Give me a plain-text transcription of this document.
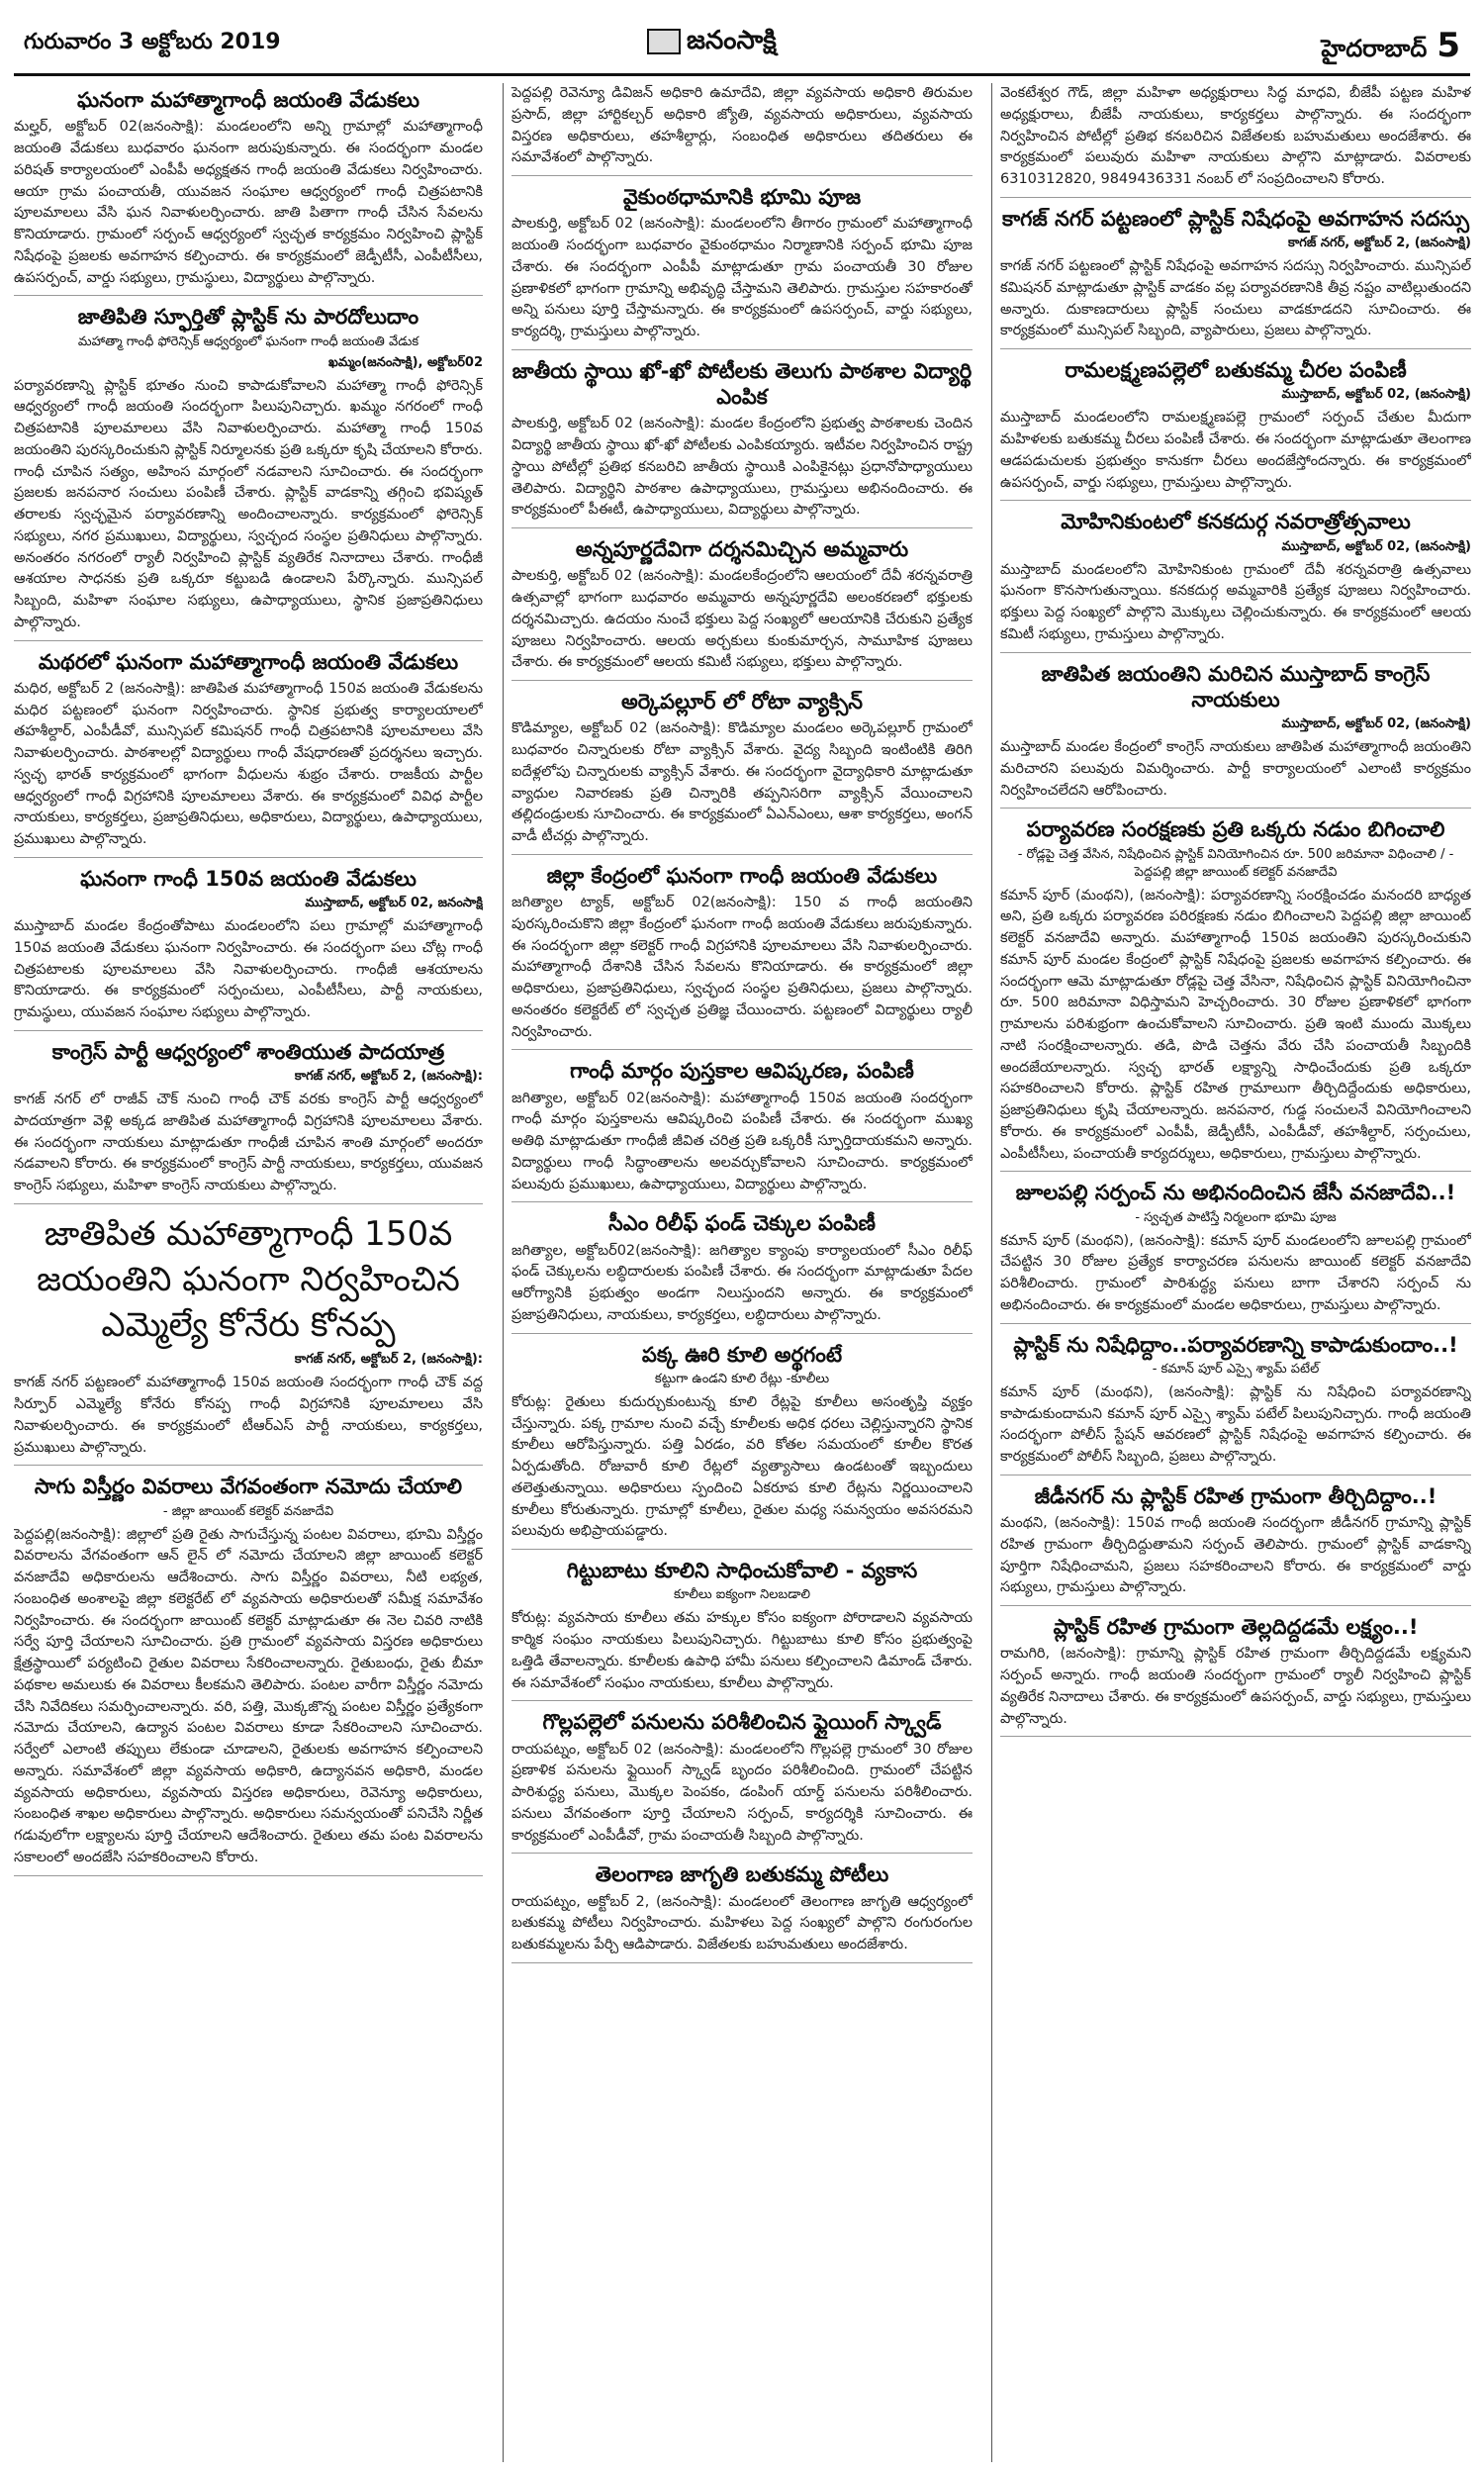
గురువారం 3 అక్టోబరు 2019	జనంసాక్షి	హైదరాబాద్ 5
ఘనంగా మహాత్మాగాంధీ జయంతి వేడుకలు

మల్హర్, అక్టోబర్ 02(జనంసాక్షి): మండలంలోని అన్ని గ్రామాల్లో మహాత్మాగాంధీ జయంతి వేడుకలు బుధవారం ఘనంగా జరుపుకున్నారు. ఈ సందర్భంగా మండల పరిషత్ కార్యాలయంలో ఎంపీపీ అధ్యక్షతన గాంధీ జయంతి వేడుకలు నిర్వహించారు. ఆయా గ్రామ పంచాయతీ, యువజన సంఘాల ఆధ్వర్యంలో గాంధీ చిత్రపటానికి పూలమాలలు వేసి ఘన నివాళులర్పించారు. జాతి పితాగా గాంధీ చేసిన సేవలను కొనియాడారు. గ్రామంలో సర్పంచ్ ఆధ్వర్యంలో స్వచ్ఛత కార్యక్రమం నిర్వహించి ప్లాస్టిక్ నిషేధంపై ప్రజలకు అవగాహన కల్పించారు. ఈ కార్యక్రమంలో జెడ్పీటీసీ, ఎంపీటీసీలు, ఉపసర్పంచ్, వార్డు సభ్యులు, గ్రామస్థులు, విద్యార్థులు పాల్గొన్నారు.

జాతిపితి స్ఫూర్తితో ప్లాస్టిక్ ను పారదోలుదాం
మహాత్మా గాంధీ ఫోరెన్సిక్ ఆధ్వర్యంలో ఘనంగా గాంధీ జయంతి వేడుక
ఖమ్మం(జనంసాక్షి), అక్టోబర్02

పర్యావరణాన్ని ప్లాస్టిక్ భూతం నుంచి కాపాడుకోవాలని మహాత్మా గాంధీ ఫోరెన్సిక్ ఆధ్వర్యంలో గాంధీ జయంతి సందర్భంగా పిలుపునిచ్చారు. ఖమ్మం నగరంలో గాంధీ చిత్రపటానికి పూలమాలలు వేసి నివాళులర్పించారు. మహాత్మా గాంధీ 150వ జయంతిని పురస్కరించుకుని ప్లాస్టిక్ నిర్మూలనకు ప్రతి ఒక్కరూ కృషి చేయాలని కోరారు. గాంధీ చూపిన సత్యం, అహింస మార్గంలో నడవాలని సూచించారు. ఈ సందర్భంగా ప్రజలకు జనపనార సంచులు పంపిణీ చేశారు. ప్లాస్టిక్ వాడకాన్ని తగ్గించి భవిష్యత్ తరాలకు స్వచ్ఛమైన పర్యావరణాన్ని అందించాలన్నారు. కార్యక్రమంలో ఫోరెన్సిక్ సభ్యులు, నగర ప్రముఖులు, విద్యార్థులు, స్వచ్ఛంద సంస్థల ప్రతినిధులు పాల్గొన్నారు. అనంతరం నగరంలో ర్యాలీ నిర్వహించి ప్లాస్టిక్ వ్యతిరేక నినాదాలు చేశారు. గాంధీజీ ఆశయాల సాధనకు ప్రతి ఒక్కరూ కట్టుబడి ఉండాలని పేర్కొన్నారు. మున్సిపల్ సిబ్బంది, మహిళా సంఘాల సభ్యులు, ఉపాధ్యాయులు, స్థానిక ప్రజాప్రతినిధులు పాల్గొన్నారు.

మథరలో ఘనంగా మహాత్మాగాంధీ జయంతి వేడుకలు

మధిర, అక్టోబర్ 2 (జనంసాక్షి): జాతిపిత మహాత్మాగాంధీ 150వ జయంతి వేడుకలను మధిర పట్టణంలో ఘనంగా నిర్వహించారు. స్థానిక ప్రభుత్వ కార్యాలయాలలో తహశీల్దార్, ఎంపీడీవో, మున్సిపల్ కమిషనర్ గాంధీ చిత్రపటానికి పూలమాలలు వేసి నివాళులర్పించారు. పాఠశాలల్లో విద్యార్థులు గాంధీ వేషధారణతో ప్రదర్శనలు ఇచ్చారు. స్వచ్ఛ భారత్ కార్యక్రమంలో భాగంగా వీధులను శుభ్రం చేశారు. రాజకీయ పార్టీల ఆధ్వర్యంలో గాంధీ విగ్రహానికి పూలమాలలు వేశారు. ఈ కార్యక్రమంలో వివిధ పార్టీల నాయకులు, కార్యకర్తలు, ప్రజాప్రతినిధులు, అధికారులు, విద్యార్థులు, ఉపాధ్యాయులు, ప్రముఖులు పాల్గొన్నారు.

ఘనంగా గాంధీ 150వ జయంతి వేడుకలు
ముస్తాబాద్, అక్టోబర్ 02, జనంసాక్షి

ముస్తాబాద్ మండల కేంద్రంతోపాటు మండలంలోని పలు గ్రామాల్లో మహాత్మాగాంధీ 150వ జయంతి వేడుకలు ఘనంగా నిర్వహించారు. ఈ సందర్భంగా పలు చోట్ల గాంధీ చిత్రపటాలకు పూలమాలలు వేసి నివాళులర్పించారు. గాంధీజీ ఆశయాలను కొనియాడారు. ఈ కార్యక్రమంలో సర్పంచులు, ఎంపీటీసీలు, పార్టీ నాయకులు, గ్రామస్థులు, యువజన సంఘాల సభ్యులు పాల్గొన్నారు.

కాంగ్రెస్ పార్టీ ఆధ్వర్యంలో శాంతియుత పాదయాత్ర
కాగజ్ నగర్, అక్టోబర్ 2, (జనంసాక్షి):

కాగజ్ నగర్ లో రాజీవ్ చౌక్ నుంచి గాంధీ చౌక్ వరకు కాంగ్రెస్ పార్టీ ఆధ్వర్యంలో పాదయాత్రగా వెళ్లి అక్కడ జాతిపిత మహాత్మాగాంధీ విగ్రహానికి పూలమాలలు వేశారు. ఈ సందర్భంగా నాయకులు మాట్లాడుతూ గాంధీజీ చూపిన శాంతి మార్గంలో అందరూ నడవాలని కోరారు. ఈ కార్యక్రమంలో కాంగ్రెస్ పార్టీ నాయకులు, కార్యకర్తలు, యువజన కాంగ్రెస్ సభ్యులు, మహిళా కాంగ్రెస్ నాయకులు పాల్గొన్నారు.

జాతిపిత మహాత్మాగాంధీ 150వ జయంతిని ఘనంగా నిర్వహించిన ఎమ్మెల్యే కోనేరు కోనప్ప
కాగజ్ నగర్, అక్టోబర్ 2, (జనంసాక్షి):

కాగజ్ నగర్ పట్టణంలో మహాత్మాగాంధీ 150వ జయంతి సందర్భంగా గాంధీ చౌక్ వద్ద సిర్పూర్ ఎమ్మెల్యే కోనేరు కోనప్ప గాంధీ విగ్రహానికి పూలమాలలు వేసి నివాళులర్పించారు. ఈ కార్యక్రమంలో టీఆర్ఎస్ పార్టీ నాయకులు, కార్యకర్తలు, ప్రముఖులు పాల్గొన్నారు.

సాగు విస్తీర్ణం వివరాలు వేగవంతంగా నమోదు చేయాలి
- జిల్లా జాయింట్ కలెక్టర్ వనజాదేవి

పెద్దపల్లి(జనంసాక్షి): జిల్లాలో ప్రతి రైతు సాగుచేస్తున్న పంటల వివరాలు, భూమి విస్తీర్ణం వివరాలను వేగవంతంగా ఆన్ లైన్ లో నమోదు చేయాలని జిల్లా జాయింట్ కలెక్టర్ వనజాదేవి అధికారులను ఆదేశించారు. సాగు విస్తీర్ణం వివరాలు, నీటి లభ్యత, సంబంధిత అంశాలపై జిల్లా కలెక్టరేట్ లో వ్యవసాయ అధికారులతో సమీక్ష సమావేశం నిర్వహించారు. ఈ సందర్భంగా జాయింట్ కలెక్టర్ మాట్లాడుతూ ఈ నెల చివరి నాటికి సర్వే పూర్తి చేయాలని సూచించారు. ప్రతి గ్రామంలో వ్యవసాయ విస్తరణ అధికారులు క్షేత్రస్థాయిలో పర్యటించి రైతుల వివరాలు సేకరించాలన్నారు. రైతుబంధు, రైతు బీమా పథకాల అమలుకు ఈ వివరాలు కీలకమని తెలిపారు. పంటల వారీగా విస్తీర్ణం నమోదు చేసి నివేదికలు సమర్పించాలన్నారు. వరి, పత్తి, మొక్కజొన్న పంటల విస్తీర్ణం ప్రత్యేకంగా నమోదు చేయాలని, ఉద్యాన పంటల వివరాలు కూడా సేకరించాలని సూచించారు. సర్వేలో ఎలాంటి తప్పులు లేకుండా చూడాలని, రైతులకు అవగాహన కల్పించాలని అన్నారు. సమావేశంలో జిల్లా వ్యవసాయ అధికారి, ఉద్యానవన అధికారి, మండల వ్యవసాయ అధికారులు, వ్యవసాయ విస్తరణ అధికారులు, రెవెన్యూ అధికారులు, సంబంధిత శాఖల అధికారులు పాల్గొన్నారు. అధికారులు సమన్వయంతో పనిచేసి నిర్ణీత గడువులోగా లక్ష్యాలను పూర్తి చేయాలని ఆదేశించారు. రైతులు తమ పంట వివరాలను సకాలంలో అందజేసి సహకరించాలని కోరారు.

పెద్దపల్లి రెవెన్యూ డివిజన్ అధికారి ఉమాదేవి, జిల్లా వ్యవసాయ అధికారి తిరుమల ప్రసాద్, జిల్లా హార్టికల్చర్ అధికారి జ్యోతి, వ్యవసాయ అధికారులు, వ్యవసాయ విస్తరణ అధికారులు, తహశీల్దార్లు, సంబంధిత అధికారులు తదితరులు ఈ సమావేశంలో పాల్గొన్నారు.

వైకుంఠధామానికి భూమి పూజ

పాలకుర్తి, అక్టోబర్ 02 (జనంసాక్షి): మండలంలోని తీగారం గ్రామంలో మహాత్మాగాంధీ జయంతి సందర్భంగా బుధవారం వైకుంఠధామం నిర్మాణానికి సర్పంచ్ భూమి పూజ చేశారు. ఈ సందర్భంగా ఎంపీపీ మాట్లాడుతూ గ్రామ పంచాయతీ 30 రోజుల ప్రణాళికలో భాగంగా గ్రామాన్ని అభివృద్ధి చేస్తామని తెలిపారు. గ్రామస్తుల సహకారంతో అన్ని పనులు పూర్తి చేస్తామన్నారు. ఈ కార్యక్రమంలో ఉపసర్పంచ్, వార్డు సభ్యులు, కార్యదర్శి, గ్రామస్తులు పాల్గొన్నారు.

జాతీయ స్థాయి ఖో-ఖో పోటీలకు తెలుగు పాఠశాల విద్యార్థి ఎంపిక

పాలకుర్తి, అక్టోబర్ 02 (జనంసాక్షి): మండల కేంద్రంలోని ప్రభుత్వ పాఠశాలకు చెందిన విద్యార్థి జాతీయ స్థాయి ఖో-ఖో పోటీలకు ఎంపికయ్యారు. ఇటీవల నిర్వహించిన రాష్ట్ర స్థాయి పోటీల్లో ప్రతిభ కనబరిచి జాతీయ స్థాయికి ఎంపికైనట్లు ప్రధానోపాధ్యాయులు తెలిపారు. విద్యార్థిని పాఠశాల ఉపాధ్యాయులు, గ్రామస్తులు అభినందించారు. ఈ కార్యక్రమంలో పీఈటీ, ఉపాధ్యాయులు, విద్యార్థులు పాల్గొన్నారు.

అన్నపూర్ణదేవిగా దర్శనమిచ్చిన అమ్మవారు

పాలకుర్తి, అక్టోబర్ 02 (జనంసాక్షి): మండలకేంద్రంలోని ఆలయంలో దేవీ శరన్నవరాత్రి ఉత్సవాల్లో భాగంగా బుధవారం అమ్మవారు అన్నపూర్ణదేవి అలంకరణలో భక్తులకు దర్శనమిచ్చారు. ఉదయం నుంచే భక్తులు పెద్ద సంఖ్యలో ఆలయానికి చేరుకుని ప్రత్యేక పూజలు నిర్వహించారు. ఆలయ అర్చకులు కుంకుమార్చన, సామూహిక పూజలు చేశారు. ఈ కార్యక్రమంలో ఆలయ కమిటీ సభ్యులు, భక్తులు పాల్గొన్నారు.

అర్కెపల్లూర్ లో రోటా వ్యాక్సిన్

కొడిమ్యాల, అక్టోబర్ 02 (జనంసాక్షి): కొడిమ్యాల మండలం అర్కెపల్లూర్ గ్రామంలో బుధవారం చిన్నారులకు రోటా వ్యాక్సిన్ వేశారు. వైద్య సిబ్బంది ఇంటింటికి తిరిగి ఐదేళ్లలోపు చిన్నారులకు వ్యాక్సిన్ వేశారు. ఈ సందర్భంగా వైద్యాధికారి మాట్లాడుతూ వ్యాధుల నివారణకు ప్రతి చిన్నారికి తప్పనిసరిగా వ్యాక్సిన్ వేయించాలని తల్లిదండ్రులకు సూచించారు. ఈ కార్యక్రమంలో ఏఎన్ఎంలు, ఆశా కార్యకర్తలు, అంగన్ వాడీ టీచర్లు పాల్గొన్నారు.

జిల్లా కేంద్రంలో ఘనంగా గాంధీ జయంతి వేడుకలు

జగిత్యాల ట్యాక్, అక్టోబర్ 02(జనంసాక్షి): 150 వ గాంధీ జయంతిని పురస్కరించుకొని జిల్లా కేంద్రంలో ఘనంగా గాంధీ జయంతి వేడుకలు జరుపుకున్నారు. ఈ సందర్భంగా జిల్లా కలెక్టర్ గాంధీ విగ్రహానికి పూలమాలలు వేసి నివాళులర్పించారు. మహాత్మాగాంధీ దేశానికి చేసిన సేవలను కొనియాడారు. ఈ కార్యక్రమంలో జిల్లా అధికారులు, ప్రజాప్రతినిధులు, స్వచ్ఛంద సంస్థల ప్రతినిధులు, ప్రజలు పాల్గొన్నారు. అనంతరం కలెక్టరేట్ లో స్వచ్ఛత ప్రతిజ్ఞ చేయించారు. పట్టణంలో విద్యార్థులు ర్యాలీ నిర్వహించారు.

గాంధీ మార్గం పుస్తకాల ఆవిష్కరణ, పంపిణీ

జగిత్యాల, అక్టోబర్ 02(జనంసాక్షి): మహాత్మాగాంధీ 150వ జయంతి సందర్భంగా గాంధీ మార్గం పుస్తకాలను ఆవిష్కరించి పంపిణీ చేశారు. ఈ సందర్భంగా ముఖ్య అతిథి మాట్లాడుతూ గాంధీజీ జీవిత చరిత్ర ప్రతి ఒక్కరికీ స్ఫూర్తిదాయకమని అన్నారు. విద్యార్థులు గాంధీ సిద్ధాంతాలను అలవర్చుకోవాలని సూచించారు. కార్యక్రమంలో పలువురు ప్రముఖులు, ఉపాధ్యాయులు, విద్యార్థులు పాల్గొన్నారు.

సీఎం రిలీఫ్ ఫండ్ చెక్కుల పంపిణీ

జగిత్యాల, అక్టోబర్02(జనంసాక్షి): జగిత్యాల క్యాంపు కార్యాలయంలో సీఎం రిలీఫ్ ఫండ్ చెక్కులను లబ్ధిదారులకు పంపిణీ చేశారు. ఈ సందర్భంగా మాట్లాడుతూ పేదల ఆరోగ్యానికి ప్రభుత్వం అండగా నిలుస్తుందని అన్నారు. ఈ కార్యక్రమంలో ప్రజాప్రతినిధులు, నాయకులు, కార్యకర్తలు, లబ్ధిదారులు పాల్గొన్నారు.

పక్క ఊరి కూలి అర్థగంటే
కట్టుగా ఉండని కూలి రేట్లు -కూలీలు

కోరుట్ల: రైతులు కుదుర్చుకుంటున్న కూలి రేట్లపై కూలీలు అసంతృప్తి వ్యక్తం చేస్తున్నారు. పక్క గ్రామాల నుంచి వచ్చే కూలీలకు అధిక ధరలు చెల్లిస్తున్నారని స్థానిక కూలీలు ఆరోపిస్తున్నారు. పత్తి ఏరడం, వరి కోతల సమయంలో కూలీల కొరత ఏర్పడుతోంది. రోజువారీ కూలి రేట్లలో వ్యత్యాసాలు ఉండటంతో ఇబ్బందులు తలెత్తుతున్నాయి. అధికారులు స్పందించి ఏకరూప కూలి రేట్లను నిర్ణయించాలని కూలీలు కోరుతున్నారు. గ్రామాల్లో కూలీలు, రైతుల మధ్య సమన్వయం అవసరమని పలువురు అభిప్రాయపడ్డారు.

గిట్టుబాటు కూలిని సాధించుకోవాలి - వ్యకాస
కూలీలు ఐక్యంగా నిలబడాలి

కోరుట్ల: వ్యవసాయ కూలీలు తమ హక్కుల కోసం ఐక్యంగా పోరాడాలని వ్యవసాయ కార్మిక సంఘం నాయకులు పిలుపునిచ్చారు. గిట్టుబాటు కూలి కోసం ప్రభుత్వంపై ఒత్తిడి తేవాలన్నారు. కూలీలకు ఉపాధి హామీ పనులు కల్పించాలని డిమాండ్ చేశారు. ఈ సమావేశంలో సంఘం నాయకులు, కూలీలు పాల్గొన్నారు.

గొల్లపల్లెలో పనులను పరిశీలించిన ఫ్లైయింగ్ స్క్వాడ్

రాయపట్నం, అక్టోబర్ 02 (జనంసాక్షి): మండలంలోని గొల్లపల్లె గ్రామంలో 30 రోజుల ప్రణాళిక పనులను ఫ్లైయింగ్ స్క్వాడ్ బృందం పరిశీలించింది. గ్రామంలో చేపట్టిన పారిశుద్ధ్య పనులు, మొక్కల పెంపకం, డంపింగ్ యార్డ్ పనులను పరిశీలించారు. పనులు వేగవంతంగా పూర్తి చేయాలని సర్పంచ్, కార్యదర్శికి సూచించారు. ఈ కార్యక్రమంలో ఎంపీడీవో, గ్రామ పంచాయతీ సిబ్బంది పాల్గొన్నారు.

తెలంగాణ జాగృతి బతుకమ్మ పోటీలు

రాయపట్నం, అక్టోబర్ 2, (జనంసాక్షి): మండలంలో తెలంగాణ జాగృతి ఆధ్వర్యంలో బతుకమ్మ పోటీలు నిర్వహించారు. మహిళలు పెద్ద సంఖ్యలో పాల్గొని రంగురంగుల బతుకమ్మలను పేర్చి ఆడిపాడారు. విజేతలకు బహుమతులు అందజేశారు.

వెంకటేశ్వర గౌడ్, జిల్లా మహిళా అధ్యక్షురాలు సిద్ధ మాధవి, బీజేపీ పట్టణ మహిళ అధ్యక్షురాలు, బీజేపీ నాయకులు, కార్యకర్తలు పాల్గొన్నారు. ఈ సందర్భంగా నిర్వహించిన పోటీల్లో ప్రతిభ కనబరిచిన విజేతలకు బహుమతులు అందజేశారు. ఈ కార్యక్రమంలో పలువురు మహిళా నాయకులు పాల్గొని మాట్లాడారు. వివరాలకు 6310312820, 9849436331 నంబర్ లో సంప్రదించాలని కోరారు.

కాగజ్ నగర్ పట్టణంలో ప్లాస్టిక్ నిషేధంపై అవగాహన సదస్సు
కాగజ్ నగర్, అక్టోబర్ 2, (జనంసాక్షి)

కాగజ్ నగర్ పట్టణంలో ప్లాస్టిక్ నిషేధంపై అవగాహన సదస్సు నిర్వహించారు. మున్సిపల్ కమిషనర్ మాట్లాడుతూ ప్లాస్టిక్ వాడకం వల్ల పర్యావరణానికి తీవ్ర నష్టం వాటిల్లుతుందని అన్నారు. దుకాణదారులు ప్లాస్టిక్ సంచులు వాడకూడదని సూచించారు. ఈ కార్యక్రమంలో మున్సిపల్ సిబ్బంది, వ్యాపారులు, ప్రజలు పాల్గొన్నారు.

రామలక్ష్మణపల్లెలో బతుకమ్మ చీరల పంపిణీ
ముస్తాబాద్, అక్టోబర్ 02, (జనంసాక్షి)

ముస్తాబాద్ మండలంలోని రామలక్ష్మణపల్లె గ్రామంలో సర్పంచ్ చేతుల మీదుగా మహిళలకు బతుకమ్మ చీరలు పంపిణీ చేశారు. ఈ సందర్భంగా మాట్లాడుతూ తెలంగాణ ఆడపడుచులకు ప్రభుత్వం కానుకగా చీరలు అందజేస్తోందన్నారు. ఈ కార్యక్రమంలో ఉపసర్పంచ్, వార్డు సభ్యులు, గ్రామస్తులు పాల్గొన్నారు.

మోహినికుంటలో కనకదుర్గ నవరాత్రోత్సవాలు
ముస్తాబాద్, అక్టోబర్ 02, (జనంసాక్షి)

ముస్తాబాద్ మండలంలోని మోహినికుంట గ్రామంలో దేవీ శరన్నవరాత్రి ఉత్సవాలు ఘనంగా కొనసాగుతున్నాయి. కనకదుర్గ అమ్మవారికి ప్రత్యేక పూజలు నిర్వహించారు. భక్తులు పెద్ద సంఖ్యలో పాల్గొని మొక్కులు చెల్లించుకున్నారు. ఈ కార్యక్రమంలో ఆలయ కమిటీ సభ్యులు, గ్రామస్తులు పాల్గొన్నారు.

జాతిపిత జయంతిని మరిచిన ముస్తాబాద్ కాంగ్రెస్ నాయకులు
ముస్తాబాద్, అక్టోబర్ 02, (జనంసాక్షి)

ముస్తాబాద్ మండల కేంద్రంలో కాంగ్రెస్ నాయకులు జాతిపిత మహాత్మాగాంధీ జయంతిని మరిచారని పలువురు విమర్శించారు. పార్టీ కార్యాలయంలో ఎలాంటి కార్యక్రమం నిర్వహించలేదని ఆరోపించారు.

పర్యావరణ సంరక్షణకు ప్రతి ఒక్కరు నడుం బిగించాలి
- రోడ్లపై చెత్త వేసిన, నిషేధించిన ప్లాస్టిక్ వినియోగించిన రూ. 500 జరిమానా విధించాలి / - పెద్దపల్లి జిల్లా జాయింట్ కలెక్టర్ వనజాదేవి

కమాన్ పూర్ (మంథని), (జనంసాక్షి): పర్యావరణాన్ని సంరక్షించడం మనందరి బాధ్యత అని, ప్రతి ఒక్కరు పర్యావరణ పరిరక్షణకు నడుం బిగించాలని పెద్దపల్లి జిల్లా జాయింట్ కలెక్టర్ వనజాదేవి అన్నారు. మహాత్మాగాంధీ 150వ జయంతిని పురస్కరించుకుని కమాన్ పూర్ మండల కేంద్రంలో ప్లాస్టిక్ నిషేధంపై ప్రజలకు అవగాహన కల్పించారు. ఈ సందర్భంగా ఆమె మాట్లాడుతూ రోడ్లపై చెత్త వేసినా, నిషేధించిన ప్లాస్టిక్ వినియోగించినా రూ. 500 జరిమానా విధిస్తామని హెచ్చరించారు. 30 రోజుల ప్రణాళికలో భాగంగా గ్రామాలను పరిశుభ్రంగా ఉంచుకోవాలని సూచించారు. ప్రతి ఇంటి ముందు మొక్కలు నాటి సంరక్షించాలన్నారు. తడి, పొడి చెత్తను వేరు చేసి పంచాయతీ సిబ్బందికి అందజేయాలన్నారు. స్వచ్ఛ భారత్ లక్ష్యాన్ని సాధించేందుకు ప్రతి ఒక్కరూ సహకరించాలని కోరారు. ప్లాస్టిక్ రహిత గ్రామాలుగా తీర్చిదిద్దేందుకు అధికారులు, ప్రజాప్రతినిధులు కృషి చేయాలన్నారు. జనపనార, గుడ్డ సంచులనే వినియోగించాలని కోరారు. ఈ కార్యక్రమంలో ఎంపీపీ, జెడ్పీటీసీ, ఎంపీడీవో, తహశీల్దార్, సర్పంచులు, ఎంపీటీసీలు, పంచాయతీ కార్యదర్శులు, అధికారులు, గ్రామస్తులు పాల్గొన్నారు.

జూలపల్లి సర్పంచ్ ను అభినందించిన జేసీ వనజాదేవి..!
- స్వచ్ఛత పాటిస్తే నిర్మలంగా భూమి పూజ

కమాన్ పూర్ (మంథని), (జనంసాక్షి): కమాన్ పూర్ మండలంలోని జూలపల్లి గ్రామంలో చేపట్టిన 30 రోజుల ప్రత్యేక కార్యాచరణ పనులను జాయింట్ కలెక్టర్ వనజాదేవి పరిశీలించారు. గ్రామంలో పారిశుద్ధ్య పనులు బాగా చేశారని సర్పంచ్ ను అభినందించారు. ఈ కార్యక్రమంలో మండల అధికారులు, గ్రామస్తులు పాల్గొన్నారు.

ప్లాస్టిక్ ను నిషేధిద్దాం..పర్యావరణాన్ని కాపాడుకుందాం..!
- కమాన్ పూర్ ఎస్సై శ్యామ్ పటేల్

కమాన్ పూర్ (మంథని), (జనంసాక్షి): ప్లాస్టిక్ ను నిషేధించి పర్యావరణాన్ని కాపాడుకుందామని కమాన్ పూర్ ఎస్సై శ్యామ్ పటేల్ పిలుపునిచ్చారు. గాంధీ జయంతి సందర్భంగా పోలీస్ స్టేషన్ ఆవరణలో ప్లాస్టిక్ నిషేధంపై అవగాహన కల్పించారు. ఈ కార్యక్రమంలో పోలీస్ సిబ్బంది, ప్రజలు పాల్గొన్నారు.

జీడీనగర్ ను ప్లాస్టిక్ రహిత గ్రామంగా తీర్చిదిద్దాం..!

మంథని, (జనంసాక్షి): 150వ గాంధీ జయంతి సందర్భంగా జీడీనగర్ గ్రామాన్ని ప్లాస్టిక్ రహిత గ్రామంగా తీర్చిదిద్దుతామని సర్పంచ్ తెలిపారు. గ్రామంలో ప్లాస్టిక్ వాడకాన్ని పూర్తిగా నిషేధించామని, ప్రజలు సహకరించాలని కోరారు. ఈ కార్యక్రమంలో వార్డు సభ్యులు, గ్రామస్తులు పాల్గొన్నారు.

ప్లాస్టిక్ రహిత గ్రామంగా తెల్లదిద్దడమే లక్ష్యం..!

రామగిరి, (జనంసాక్షి): గ్రామాన్ని ప్లాస్టిక్ రహిత గ్రామంగా తీర్చిదిద్దడమే లక్ష్యమని సర్పంచ్ అన్నారు. గాంధీ జయంతి సందర్భంగా గ్రామంలో ర్యాలీ నిర్వహించి ప్లాస్టిక్ వ్యతిరేక నినాదాలు చేశారు. ఈ కార్యక్రమంలో ఉపసర్పంచ్, వార్డు సభ్యులు, గ్రామస్తులు పాల్గొన్నారు.
